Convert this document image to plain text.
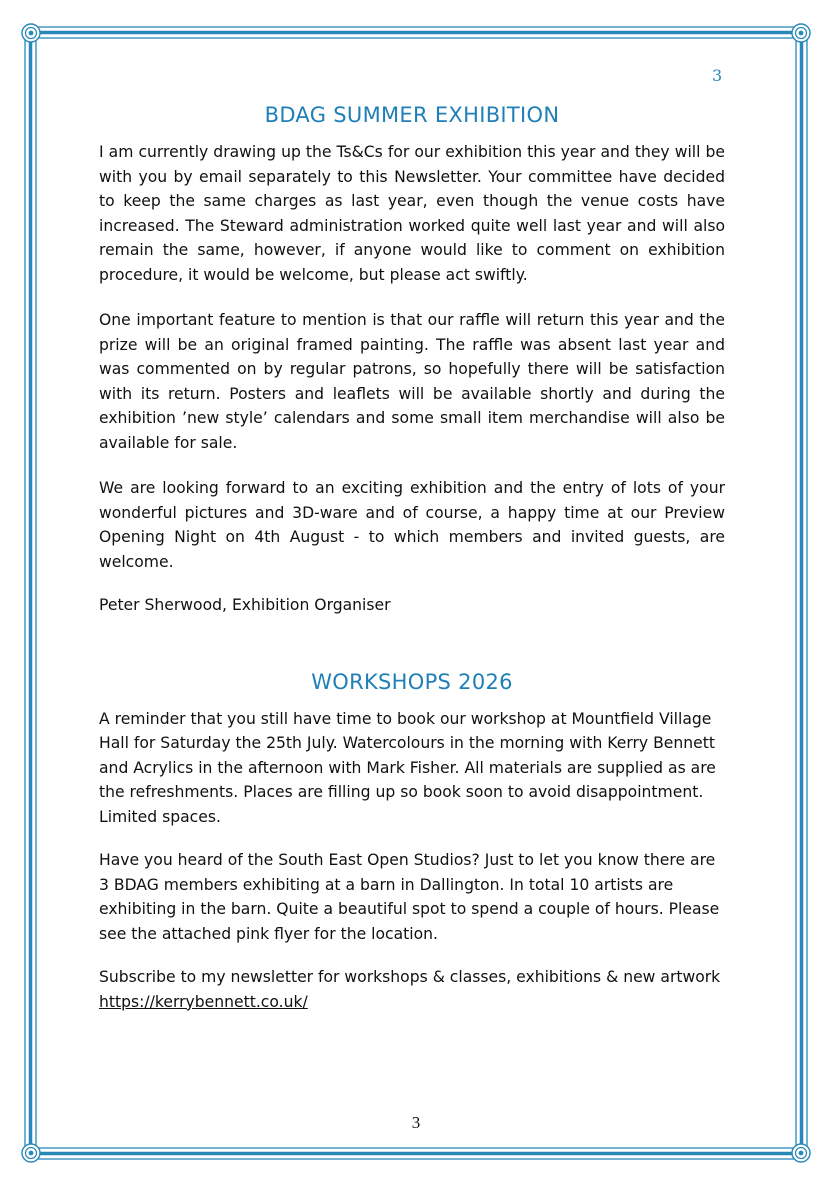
3
BDAG SUMMER EXHIBITION

I am currently drawing up the Ts&Cs for our exhibition this year and they will be with you by email separately to this Newsletter. Your committee have decided to keep the same charges as last year, even though the venue costs have increased. The Steward administration worked quite well last year and will also remain the same, however, if anyone would like to comment on exhibition procedure, it would be welcome, but please act swiftly.

One important feature to mention is that our raffle will return this year and the prize will be an original framed painting. The raffle was absent last year and was commented on by regular patrons, so hopefully there will be satisfaction with its return. Posters and leaflets will be available shortly and during the exhibition ’new style’ calendars and some small item merchandise will also be available for sale.

We are looking forward to an exciting exhibition and the entry of lots of your wonderful pictures and 3D-ware and of course, a happy time at our Preview Opening Night on 4th August - to which members and invited guests, are welcome.

Peter Sherwood, Exhibition Organiser

WORKSHOPS 2026

A reminder that you still have time to book our workshop at Mountfield Village Hall for Saturday the 25th July. Watercolours in the morning with Kerry Bennett and Acrylics in the afternoon with Mark Fisher. All materials are supplied as are the refreshments. Places are filling up so book soon to avoid disappointment. Limited spaces.

Have you heard of the South East Open Studios? Just to let you know there are 3 BDAG members exhibiting at a barn in Dallington. In total 10 artists are exhibiting in the barn. Quite a beautiful spot to spend a couple of hours. Please see the attached pink flyer for the location.

Subscribe to my newsletter for workshops & classes, exhibitions & new artwork https://kerrybennett.co.uk/

3
